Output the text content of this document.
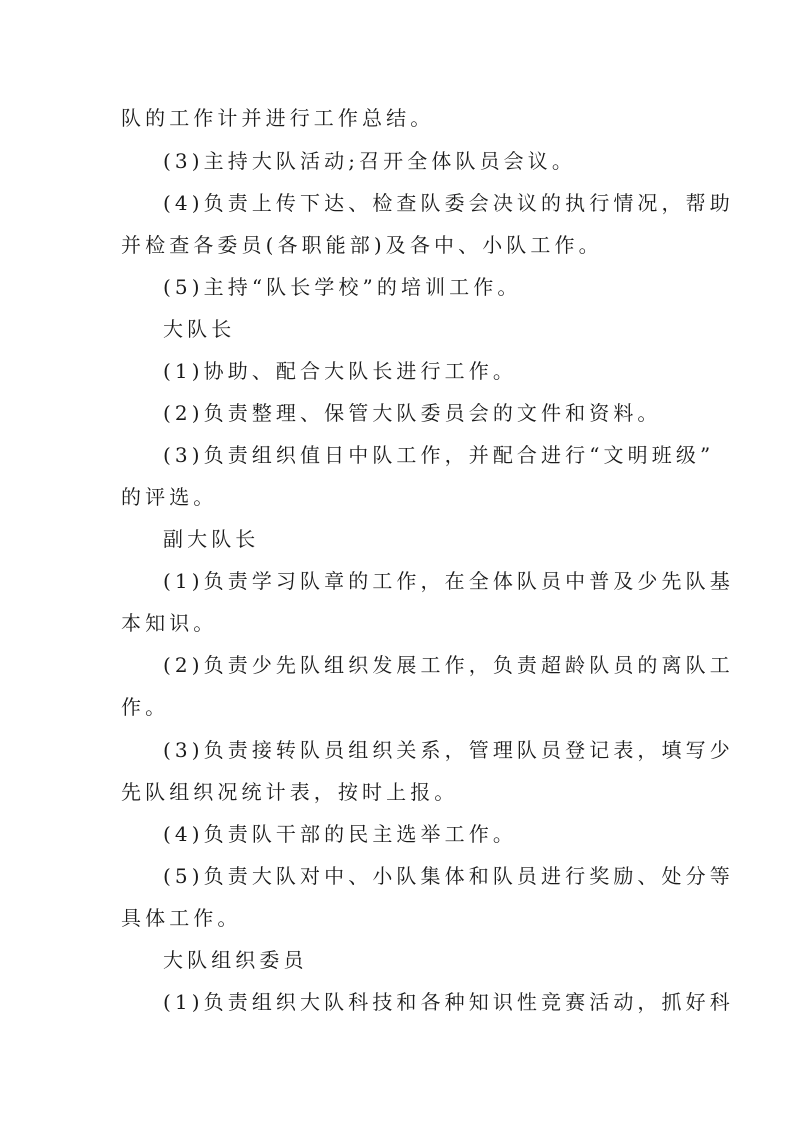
队的工作计并进行工作总结。
(3)主持大队活动;召开全体队员会议。
(4)负责上传下达、检查队委会决议的执行情况，帮助
并检查各委员(各职能部)及各中、小队工作。
(5)主持“队长学校”的培训工作。
大队长
(1)协助、配合大队长进行工作。
(2)负责整理、保管大队委员会的文件和资料。
(3)负责组织值日中队工作，并配合进行“文明班级”
的评选。
副大队长
(1)负责学习队章的工作，在全体队员中普及少先队基
本知识。
(2)负责少先队组织发展工作，负责超龄队员的离队工
作。
(3)负责接转队员组织关系，管理队员登记表，填写少
先队组织况统计表，按时上报。
(4)负责队干部的民主选举工作。
(5)负责大队对中、小队集体和队员进行奖励、处分等
具体工作。
大队组织委员
(1)负责组织大队科技和各种知识性竞赛活动，抓好科
